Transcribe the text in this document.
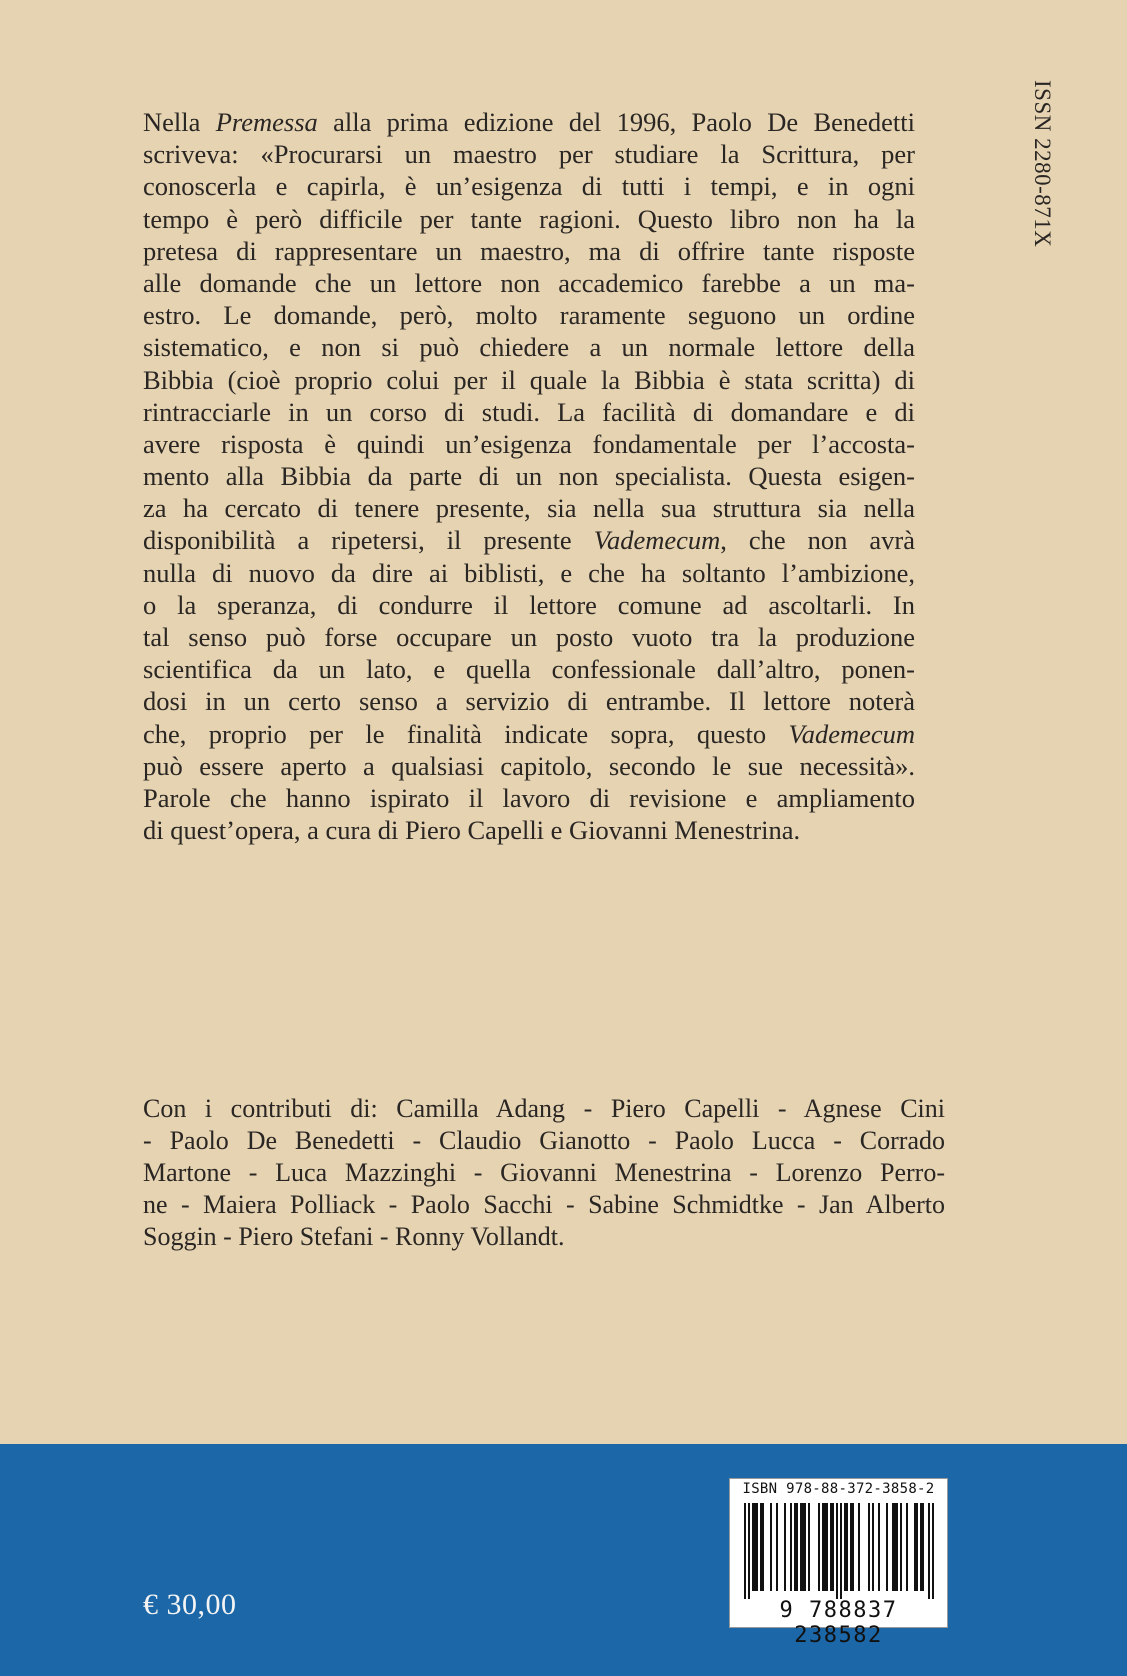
ISSN 2280-871X
Nella Premessa alla prima edizione del 1996, Paolo De Benedetti
scriveva: «Procurarsi un maestro per studiare la Scrittura, per
conoscerla e capirla, è un’esigenza di tutti i tempi, e in ogni
tempo è però difficile per tante ragioni. Questo libro non ha la
pretesa di rappresentare un maestro, ma di offrire tante risposte
alle domande che un lettore non accademico farebbe a un ma-
estro. Le domande, però, molto raramente seguono un ordine
sistematico, e non si può chiedere a un normale lettore della
Bibbia (cioè proprio colui per il quale la Bibbia è stata scritta) di
rintracciarle in un corso di studi. La facilità di domandare e di
avere risposta è quindi un’esigenza fondamentale per l’accosta-
mento alla Bibbia da parte di un non specialista. Questa esigen-
za ha cercato di tenere presente, sia nella sua struttura sia nella
disponibilità a ripetersi, il presente Vademecum, che non avrà
nulla di nuovo da dire ai biblisti, e che ha soltanto l’ambizione,
o la speranza, di condurre il lettore comune ad ascoltarli. In
tal senso può forse occupare un posto vuoto tra la produzione
scientifica da un lato, e quella confessionale dall’altro, ponen-
dosi in un certo senso a servizio di entrambe. Il lettore noterà
che, proprio per le finalità indicate sopra, questo Vademecum
può essere aperto a qualsiasi capitolo, secondo le sue necessità».
Parole che hanno ispirato il lavoro di revisione e ampliamento
di quest’opera, a cura di Piero Capelli e Giovanni Menestrina.
Con i contributi di: Camilla Adang - Piero Capelli - Agnese Cini
- Paolo De Benedetti - Claudio Gianotto - Paolo Lucca - Corrado
Martone - Luca Mazzinghi - Giovanni Menestrina - Lorenzo Perro-
ne - Maiera Polliack - Paolo Sacchi - Sabine Schmidtke - Jan Alberto
Soggin - Piero Stefani - Ronny Vollandt.
€ 30,00
ISBN 978-88-372-3858-2
9 788837 238582
